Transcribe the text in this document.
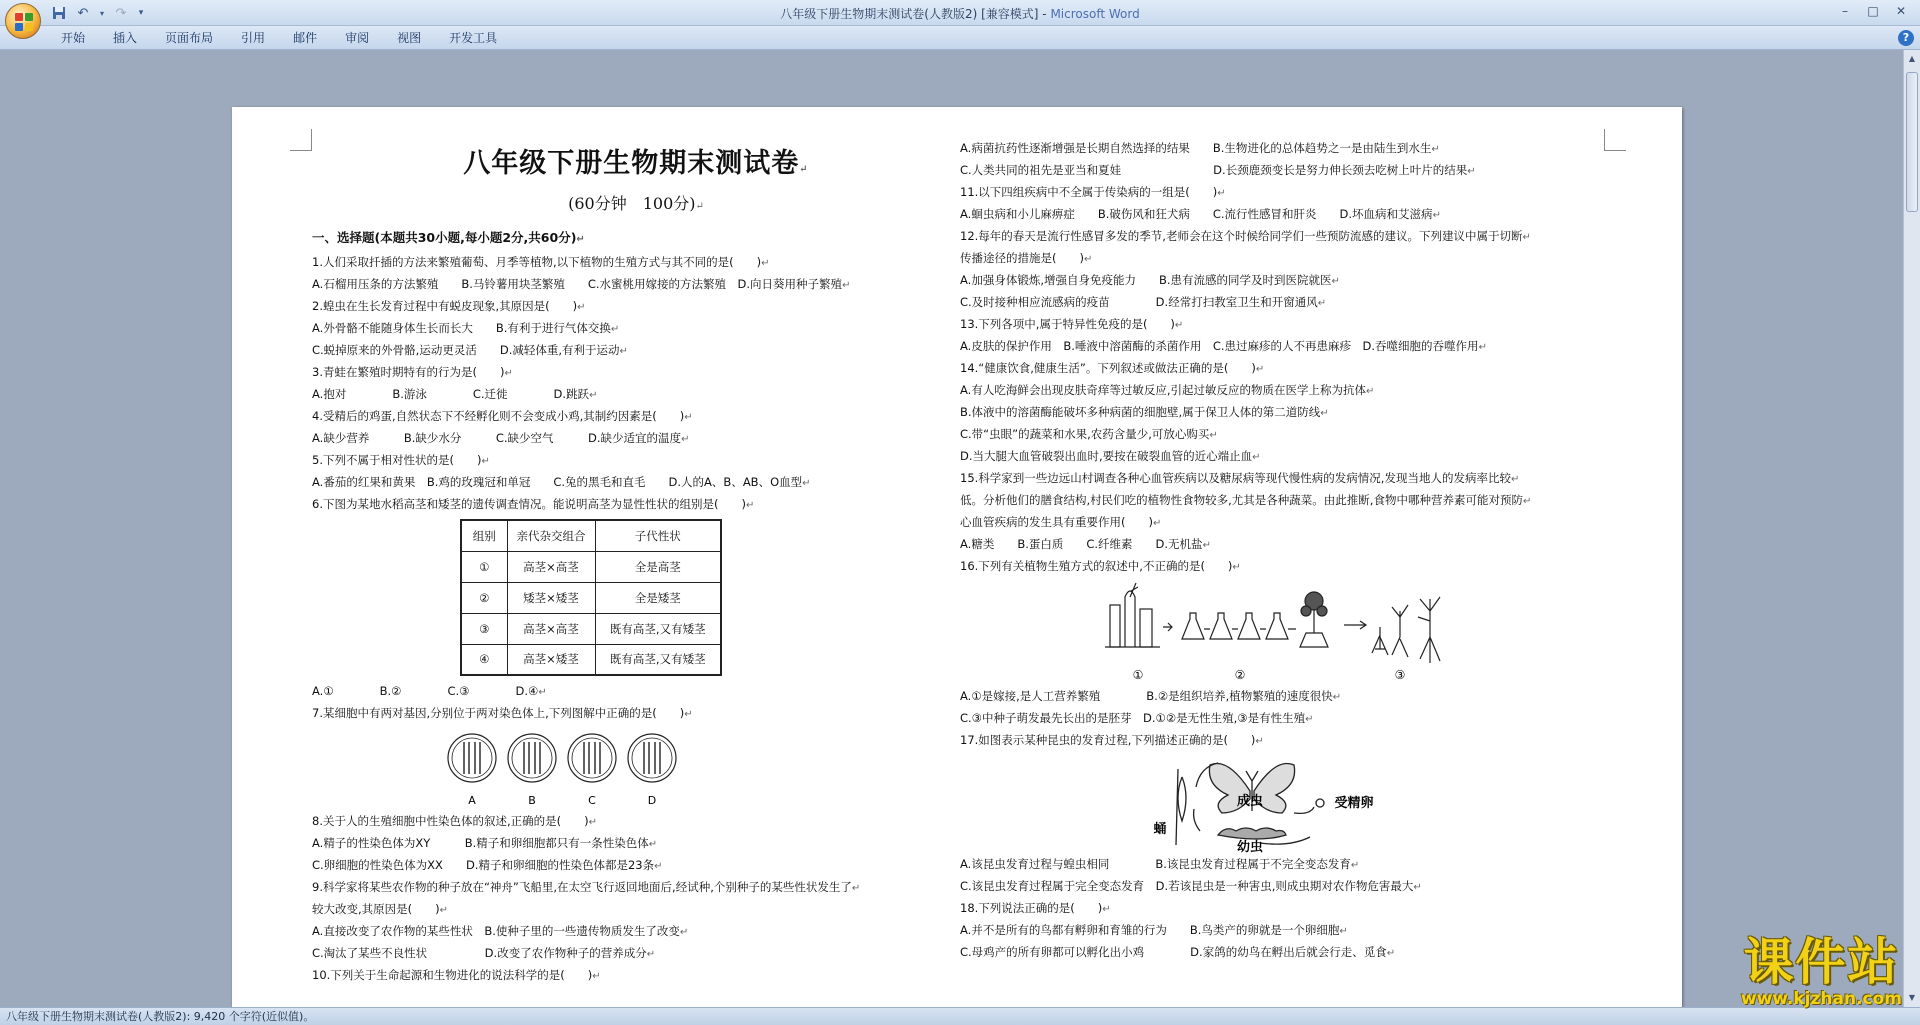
↶	▾ ↷	▾	八年级下册生物期末测试卷(人教版2) [兼容模式] - Microsoft Word	–	□	✕
开始	插入	页面布局	引用	邮件	审阅	视图	开发工具	?
八年级下册生物期末测试卷↵
(60分钟　100分)↵
一、选择题(本题共30小题,每小题2分,共60分)↵
1.人们采取扦插的方法来繁殖葡萄、月季等植物,以下植物的生殖方式与其不同的是(　　)↵
A.石榴用压条的方法繁殖　　B.马铃薯用块茎繁殖　　C.水蜜桃用嫁接的方法繁殖　D.向日葵用种子繁殖↵
2.蝗虫在生长发育过程中有蜕皮现象,其原因是(　　)↵
A.外骨骼不能随身体生长而长大　　B.有利于进行气体交换↵
C.蜕掉原来的外骨骼,运动更灵活　　D.减轻体重,有利于运动↵
3.青蛙在繁殖时期特有的行为是(　　)↵
A.抱对　　　　B.游泳　　　　C.迁徙　　　　D.跳跃↵
4.受精后的鸡蛋,自然状态下不经孵化则不会变成小鸡,其制约因素是(　　)↵
A.缺少营养　　　B.缺少水分　　　C.缺少空气　　　D.缺少适宜的温度↵
5.下列不属于相对性状的是(　　)↵
A.番茄的红果和黄果　B.鸡的玫瑰冠和单冠　　C.兔的黑毛和直毛　　D.人的A、B、AB、O血型↵
6.下图为某地水稻高茎和矮茎的遗传调查情况。能说明高茎为显性性状的组别是(　　)↵
组别	亲代杂交组合	子代性状
①	高茎×高茎	全是高茎
②	矮茎×矮茎	全是矮茎
③	高茎×高茎	既有高茎,又有矮茎
④	高茎×矮茎	既有高茎,又有矮茎
A.①　　　　B.②　　　　C.③　　　　D.④↵
7.某细胞中有两对基因,分别位于两对染色体上,下列图解中正确的是(　　)↵
A	B	C	D
8.关于人的生殖细胞中性染色体的叙述,正确的是(　　)↵
A.精子的性染色体为XY　　　B.精子和卵细胞都只有一条性染色体↵
C.卵细胞的性染色体为XX　　D.精子和卵细胞的性染色体都是23条↵
9.科学家将某些农作物的种子放在“神舟”飞船里,在太空飞行返回地面后,经试种,个别种子的某些性状发生了↵
较大改变,其原因是(　　)↵
A.直接改变了农作物的某些性状　B.使种子里的一些遗传物质发生了改变↵
C.淘汰了某些不良性状　　　　　D.改变了农作物种子的营养成分↵
10.下列关于生命起源和生物进化的说法科学的是(　　)↵
A.病菌抗药性逐渐增强是长期自然选择的结果　　B.生物进化的总体趋势之一是由陆生到水生↵
C.人类共同的祖先是亚当和夏娃　　　　　　　　D.长颈鹿颈变长是努力伸长颈去吃树上叶片的结果↵
11.以下四组疾病中不全属于传染病的一组是(　　)↵
A.蛔虫病和小儿麻痹症　　B.破伤风和狂犬病　　C.流行性感冒和肝炎　　D.坏血病和艾滋病↵
12.每年的春天是流行性感冒多发的季节,老师会在这个时候给同学们一些预防流感的建议。下列建议中属于切断↵
传播途径的措施是(　　)↵
A.加强身体锻炼,增强自身免疫能力　　B.患有流感的同学及时到医院就医↵
C.及时接种相应流感病的疫苗　　　　D.经常打扫教室卫生和开窗通风↵
13.下列各项中,属于特异性免疫的是(　　)↵
A.皮肤的保护作用　B.唾液中溶菌酶的杀菌作用　C.患过麻疹的人不再患麻疹　D.吞噬细胞的吞噬作用↵
14.“健康饮食,健康生活”。下列叙述或做法正确的是(　　)↵
A.有人吃海鲜会出现皮肤奇痒等过敏反应,引起过敏反应的物质在医学上称为抗体↵
B.体液中的溶菌酶能破坏多种病菌的细胞壁,属于保卫人体的第二道防线↵
C.带“虫眼”的蔬菜和水果,农药含量少,可放心购买↵
D.当大腿大血管破裂出血时,要按在破裂血管的近心端止血↵
15.科学家到一些边远山村调查各种心血管疾病以及糖尿病等现代慢性病的发病情况,发现当地人的发病率比较↵
低。分析他们的膳食结构,村民们吃的植物性食物较多,尤其是各种蔬菜。由此推断,食物中哪种营养素可能对预防↵
心血管疾病的发生具有重要作用(　　)↵
A.糖类　　B.蛋白质　　C.纤维素　　D.无机盐↵
16.下列有关植物生殖方式的叙述中,不正确的是(　　)↵
①	②	③
A.①是嫁接,是人工营养繁殖　　　　B.②是组织培养,植物繁殖的速度很快↵
C.③中种子萌发最先长出的是胚芽　D.①②是无性生殖,③是有性生殖↵
17.如图表示某种昆虫的发育过程,下列描述正确的是(　　)↵
成虫	受精卵
蛹
幼虫
A.该昆虫发育过程与蝗虫相同　　　　B.该昆虫发育过程属于不完全变态发育↵
C.该昆虫发育过程属于完全变态发育　D.若该昆虫是一种害虫,则成虫期对农作物危害最大↵
18.下列说法正确的是(　　)↵
A.并不是所有的鸟都有孵卵和育雏的行为　　B.鸟类产的卵就是一个卵细胞↵
C.母鸡产的所有卵都可以孵化出小鸡　　　　D.家鸽的幼鸟在孵出后就会行走、觅食↵
▲
▼
八年级下册生物期末测试卷(人教版2): 9,420 个字符(近似值)。
课件站
www.kjzhan.com
